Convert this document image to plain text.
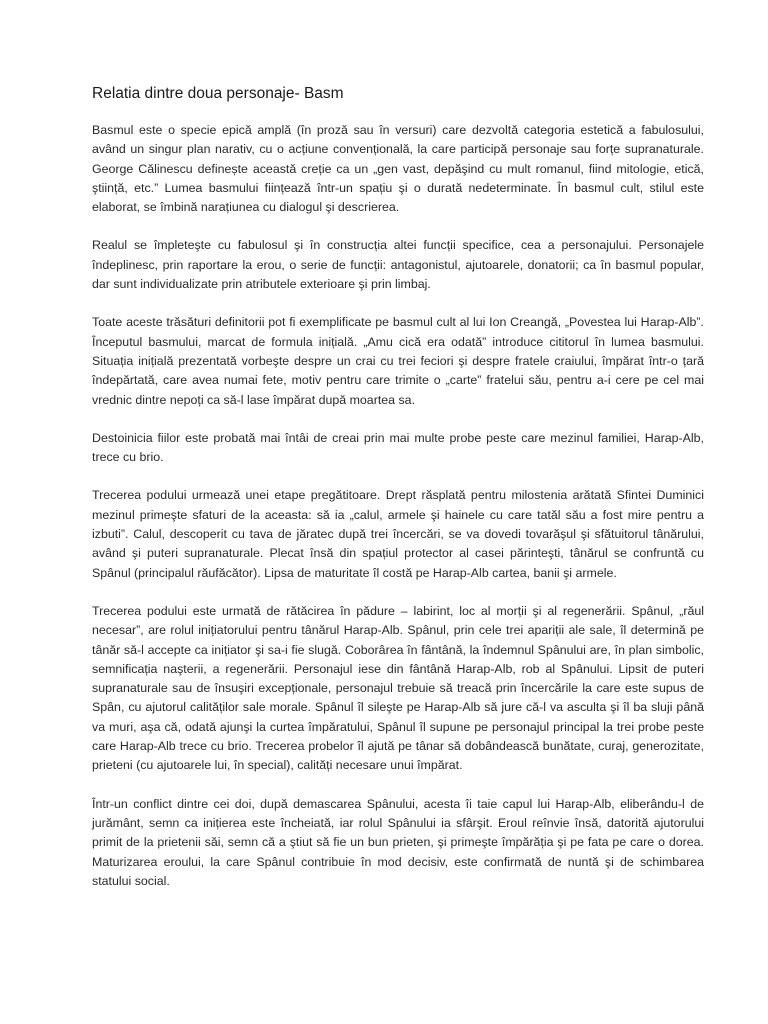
Relatia dintre doua personaje- Basm

Basmul este o specie epică amplă (în proză sau în versuri) care dezvoltă categoria estetică a fabulosului, având un singur plan narativ, cu o acțiune convențională, la care participă personaje sau forțe supranaturale. George Călinescu definește această creție ca un „gen vast, depăşind cu mult romanul, fiind mitologie, etică, ştiință, etc.” Lumea basmului ființează într-un spațiu şi o durată nedeterminate. În basmul cult, stilul este elaborat, se îmbină narațiunea cu dialogul şi descrierea.

Realul se împleteşte cu fabulosul şi în construcția altei funcții specifice, cea a personajului. Personajele îndeplinesc, prin raportare la erou, o serie de funcții: antagonistul, ajutoarele, donatorii; ca în basmul popular, dar sunt individualizate prin atributele exterioare şi prin limbaj.

Toate aceste trăsături definitorii pot fi exemplificate pe basmul cult al lui Ion Creangă, „Povestea lui Harap-Alb”. Începutul basmului, marcat de formula inițială. „Amu cică era odată” introduce cititorul în lumea basmului. Situația inițială prezentată vorbeşte despre un crai cu trei feciori şi despre fratele craiului, împărat într-o țară îndepărtată, care avea numai fete, motiv pentru care trimite o „carte” fratelui său, pentru a-i cere pe cel mai vrednic dintre nepoți ca să-l lase împărat după moartea sa.

Destoinicia fiilor este probată mai întâi de creai prin mai multe probe peste care mezinul familiei, Harap-Alb, trece cu brio.

Trecerea podului urmează unei etape pregătitoare. Drept răsplată pentru milostenia arătată Sfintei Duminici mezinul primeşte sfaturi de la aceasta: să ia „calul, armele şi hainele cu care tatăl său a fost mire pentru a izbuti”. Calul, descoperit cu tava de jăratec după trei încercări, se va dovedi tovarăşul şi sfătuitorul tânărului, având şi puteri supranaturale. Plecat însă din spațiul protector al casei părinteşti, tânărul se confruntă cu Spânul (principalul răufăcător). Lipsa de maturitate îl costă pe Harap-Alb cartea, banii şi armele.

Trecerea podului este urmată de rătăcirea în pădure – labirint, loc al morții şi al regenerării. Spânul, „răul necesar”, are rolul inițiatorului pentru tânărul Harap-Alb. Spânul, prin cele trei apariții ale sale, îl determină pe tânăr să-l accepte ca inițiator şi sa-i fie slugă. Coborârea în fântână, la îndemnul Spânului are, în plan simbolic, semnificația naşterii, a regenerării. Personajul iese din fântână Harap-Alb, rob al Spânului. Lipsit de puteri supranaturale sau de însuşiri excepționale, personajul trebuie să treacă prin încercările la care este supus de Spân, cu ajutorul calităților sale morale. Spânul îl sileşte pe Harap-Alb să jure că-l va asculta şi îl ba sluji până va muri, aşa că, odată ajunşi la curtea împăratului, Spânul îl supune pe personajul principal la trei probe peste care Harap-Alb trece cu brio. Trecerea probelor îl ajută pe tânar să dobândească bunătate, curaj, generozitate, prieteni (cu ajutoarele lui, în special), calități necesare unui împărat.

Într-un conflict dintre cei doi, după demascarea Spânului, acesta îi taie capul lui Harap-Alb, eliberându-l de jurământ, semn ca inițierea este încheiată, iar rolul Spânului ia sfârşit. Eroul reînvie însă, datorită ajutorului primit de la prietenii săi, semn că a ştiut să fie un bun prieten, şi primeşte împărăția şi pe fata pe care o dorea. Maturizarea eroului, la care Spânul contribuie în mod decisiv, este confirmată de nuntă şi de schimbarea statului social.
